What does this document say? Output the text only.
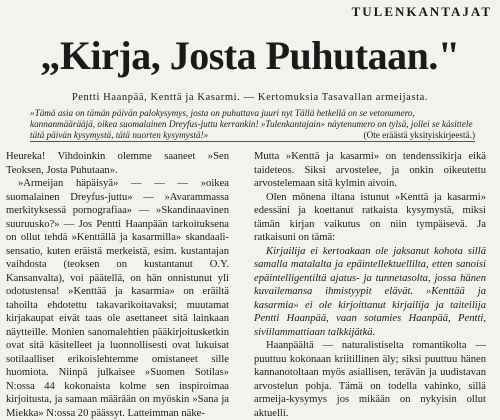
TULENKANTAJAT
„Kirja, Josta Puhutaan."
Pentti Haanpää, Kenttä ja Kasarmi. — Kertomuksia Tasavallan armeijasta.
»Tämä asia on tämän päivän palokysymys, josta on puhuttava juuri nyt Tällä hetkellä on se vetonumero, kannanmäärääjä, oikea suomalainen Dreyfus-juttu kerrankin! »Tulenkantajain» näytenumero on tylsä, jollei se käsittele tätä päivän kysymystä, tätä nuorten kysymystä!»	(Ote eräästä yksityiskirjeestä.)

Heureka! Vihdoinkin olemme saaneet »Sen Teoksen, Josta Puhutaan».

»Armeijan häpäisyä» — — — »oikea suomalainen Dreyfus-juttu» — »Avarammassa merkityksessä pornografiaa» — »Skandinaavinen suuruusko?» — Jos Pentti Haanpään tarkoituksena on ollut tehdä »Kenttällä ja kasarmilla» skandaali-sensatio, kuten eräistä merkeistä, esim. kustantajan vaihdosta (teoksen on kustantanut O.Y. Kansanvalta), voi päätellä, on hän onnistunut yli odotustensa! »Kenttää ja kasarmia» on eräiltä tahoilta ehdotettu takavarikoitavaksi; muutamat kirjakaupat eivät taas ole asettaneet sitä lainkaan näytteille. Monien sanomalehtien pääkirjoitusketkin ovat sitä käsitelleet ja luonnollisesti ovat lukuisat sotilaalliset erikoislehtemme omistaneet sille huomiota. Niinpä julkaisee »Suomen Sotilas» N:ossa 44 kokonaista kolme sen inspiroimaa kirjoitusta, ja samaan määrään on myöskin »Sana ja Miekka» N:ossa 20 päässyt. Latteimman näke-

Mutta »Kenttä ja kasarmi» on tendenssikirja eikä taideteos. Siksi arvostelee, ja onkin oikeutettu arvostelemaan sitä kylmin aivoin.

Olen mönena iltana istunut »Kenttä ja kasarmi» edessäni ja koettanut ratkaista kysymystä, miksi tämän kirjan vaikutus on niin tympäisevä. Ja ratkaisuni on tämä:

Kirjailija ei kertoakaan ole jaksanut kohota sillä samalla matalalta ja epäintellektuellilta, etten sanoisi epäintelligentiltä ajatus- ja tunnetasolta, jossa hänen kuvailemansa ihmistyypit elävät. »Kenttää ja kasarmia» ei ole kirjoittanut kirjailija ja taiteilija Pentti Haanpää, vaan sotamies Haanpää, Pentti, siviilammattiaan talkkijätkä.

Haanpäältä — naturalistiselta romantikolta — puuttuu kokonaan kriitillinen äly; siksi puuttuu hänen kannanotoltaan myös asiallisen, terävän ja uudistavan arvostelun pohja. Tämä on todella vahinko, sillä armeija-kysymys jos mikään on nykyisin ollut aktuelli.
